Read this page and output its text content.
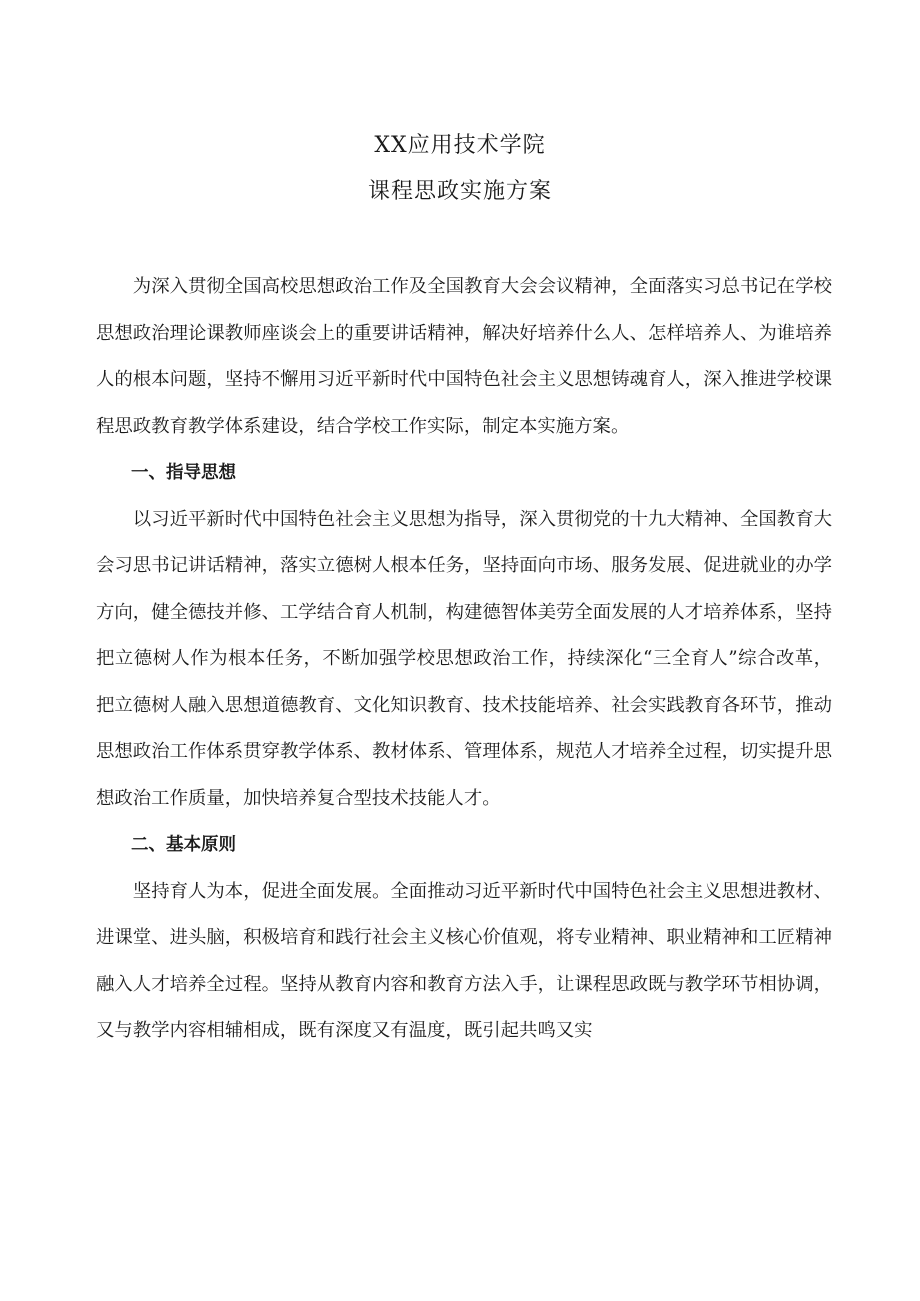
XX应用技术学院
课程思政实施方案

为深入贯彻全国高校思想政治工作及全国教育大会会议精神，全面落实习总书记在学校思想政治理论课教师座谈会上的重要讲话精神，解决好培养什么人、怎样培养人、为谁培养人的根本问题，坚持不懈用习近平新时代中国特色社会主义思想铸魂育人，深入推进学校课程思政教育教学体系建设，结合学校工作实际，制定本实施方案。

一、指导思想

以习近平新时代中国特色社会主义思想为指导，深入贯彻党的十九大精神、全国教育大会习思书记讲话精神，落实立德树人根本任务，坚持面向市场、服务发展、促进就业的办学方向，健全德技并修、工学结合育人机制，构建德智体美劳全面发展的人才培养体系，坚持把立德树人作为根本任务，不断加强学校思想政治工作，持续深化“三全育人”综合改革，把立德树人融入思想道德教育、文化知识教育、技术技能培养、社会实践教育各环节，推动思想政治工作体系贯穿教学体系、教材体系、管理体系，规范人才培养全过程，切实提升思想政治工作质量，加快培养复合型技术技能人才。

二、基本原则

坚持育人为本，促进全面发展。全面推动习近平新时代中国特色社会主义思想进教材、进课堂、进头脑，积极培育和践行社会主义核心价值观，将专业精神、职业精神和工匠精神融入人才培养全过程。坚持从教育内容和教育方法入手，让课程思政既与教学环节相协调，又与教学内容相辅相成，既有深度又有温度，既引起共鸣又实
